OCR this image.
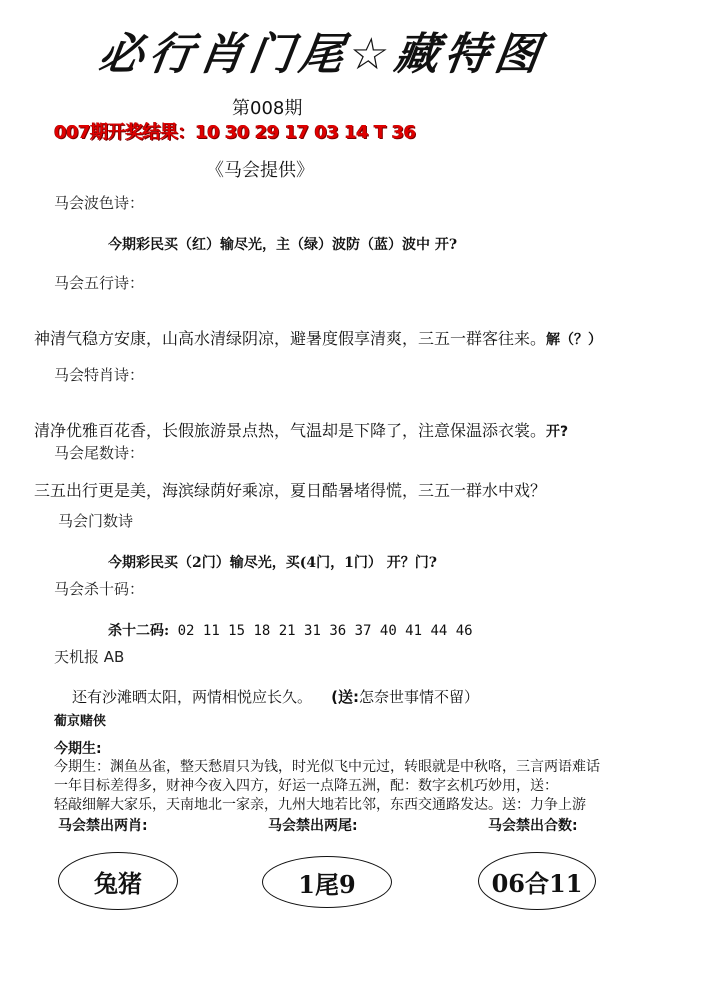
必行肖门尾☆藏特图
第008期
007期开奖结果：10 30 29 17 03 14 T 36
《马会提供》
马会波色诗：
今期彩民买（红）输尽光，主（绿）波防（蓝）波中 开?
马会五行诗：
神清气稳方安康，山高水清绿阴凉，避暑度假享清爽，三五一群客往来。解（？）
马会特肖诗：
清净优雅百花香，长假旅游景点热，气温却是下降了，注意保温添衣裳。开?
马会尾数诗：
三五出行更是美，海滨绿荫好乘凉，夏日酷暑堵得慌，三五一群水中戏？
马会门数诗
今期彩民买（2门）输尽光，买(4门，1门） 开？门?
马会杀十码：
杀十二码: 02 11 15 18 21 31 36 37 40 41 44 46
天机报 AB
还有沙滩晒太阳，两情相悦应长久。 (送:怎奈世事情不留）
葡京赌侠
今期生:
今期生：渊鱼丛雀，整天愁眉只为钱，时光似飞中元过，转眼就是中秋咯，三言两语难话
一年目标差得多，财神今夜入四方，好运一点降五洲，配：数字玄机巧妙用，送：
轻敲细解大家乐，天南地北一家亲，九州大地若比邻，东西交通路发达。送：力争上游
马会禁出两肖:	马会禁出两尾:	马会禁出合数:
兔猪	1尾9	06合11
